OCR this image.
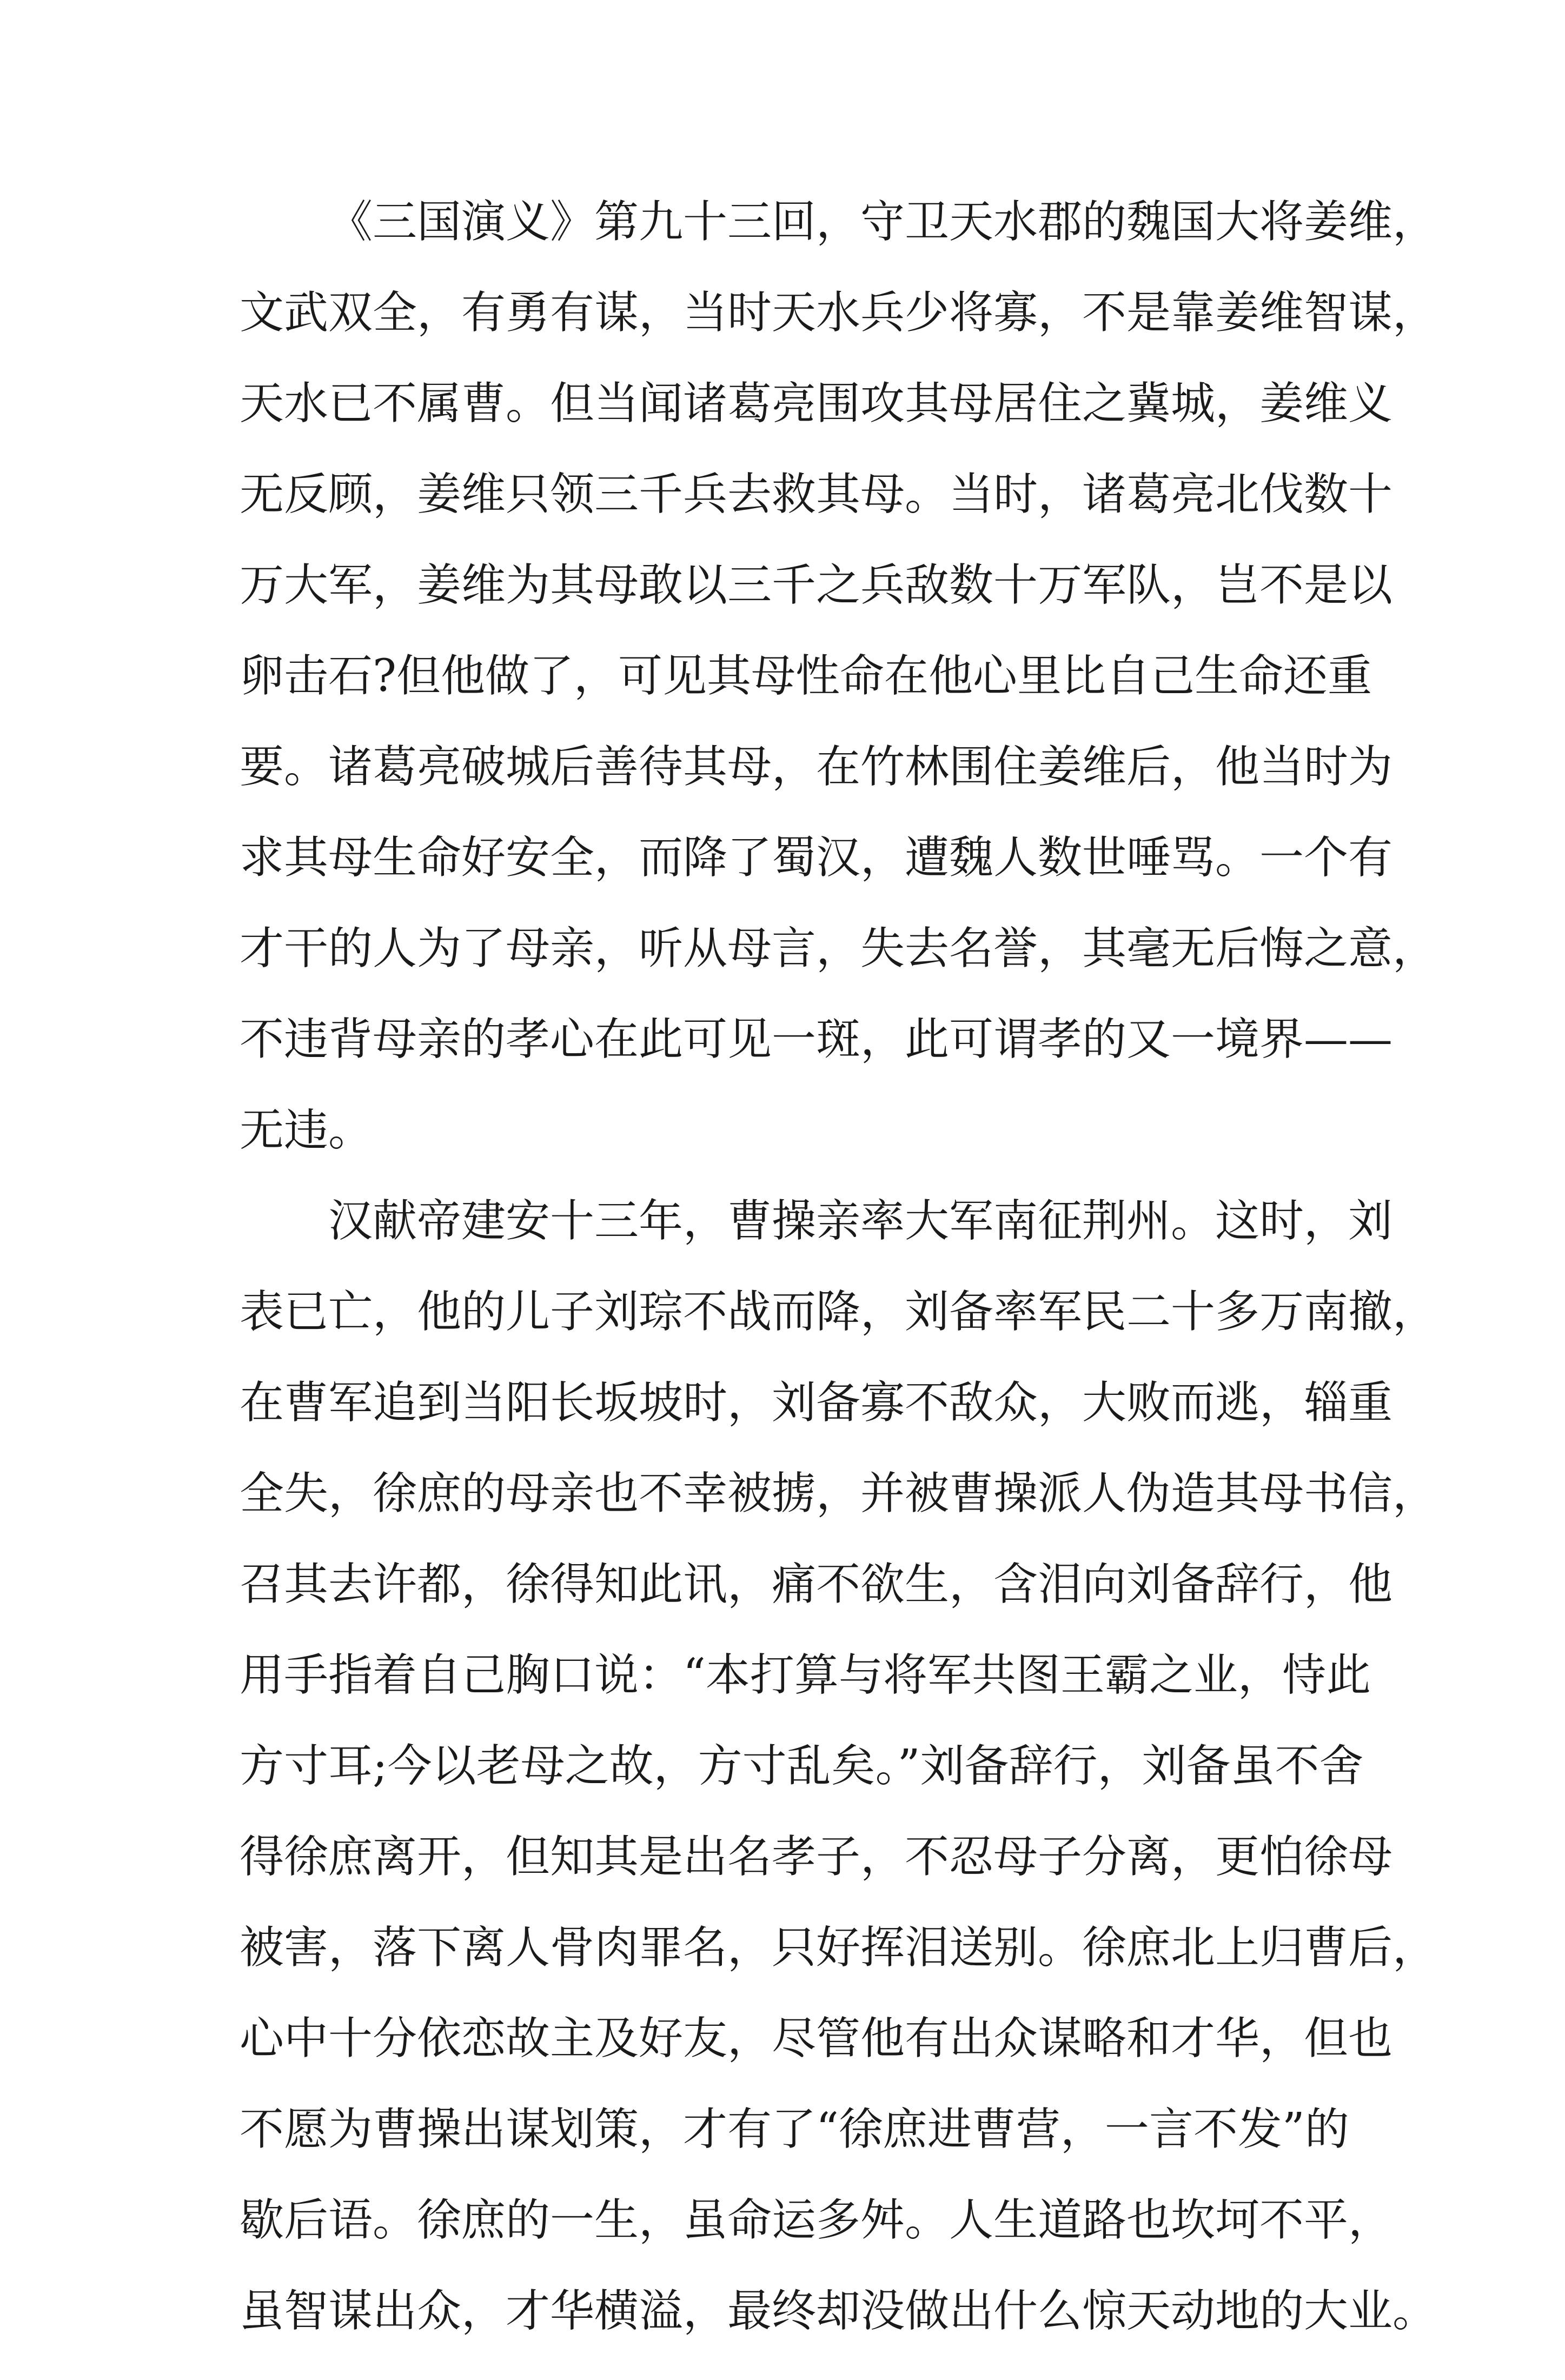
《三国演义》第九十三回，守卫天水郡的魏国大将姜维，
文武双全，有勇有谋，当时天水兵少将寡，不是靠姜维智谋，
天水已不属曹。但当闻诸葛亮围攻其母居住之冀城，姜维义
无反顾，姜维只领三千兵去救其母。当时，诸葛亮北伐数十
万大军，姜维为其母敢以三千之兵敌数十万军队，岂不是以
卵击石?但他做了，可见其母性命在他心里比自己生命还重
要。诸葛亮破城后善待其母，在竹林围住姜维后，他当时为
求其母生命好安全，而降了蜀汉，遭魏人数世唾骂。一个有
才干的人为了母亲，听从母言，失去名誉，其毫无后悔之意，
不违背母亲的孝心在此可见一斑，此可谓孝的又一境界——
无违。
汉献帝建安十三年，曹操亲率大军南征荆州。这时，刘
表已亡，他的儿子刘琮不战而降，刘备率军民二十多万南撤，
在曹军追到当阳长坂坡时，刘备寡不敌众，大败而逃，辎重
全失，徐庶的母亲也不幸被掳，并被曹操派人伪造其母书信，
召其去许都，徐得知此讯，痛不欲生，含泪向刘备辞行，他
用手指着自己胸口说：“本打算与将军共图王霸之业，恃此
方寸耳;今以老母之故，方寸乱矣。”刘备辞行，刘备虽不舍
得徐庶离开，但知其是出名孝子，不忍母子分离，更怕徐母
被害，落下离人骨肉罪名，只好挥泪送别。徐庶北上归曹后，
心中十分依恋故主及好友，尽管他有出众谋略和才华，但也
不愿为曹操出谋划策，才有了“徐庶进曹营，一言不发”的
歇后语。徐庶的一生，虽命运多舛。人生道路也坎坷不平，
虽智谋出众，才华横溢，最终却没做出什么惊天动地的大业。
